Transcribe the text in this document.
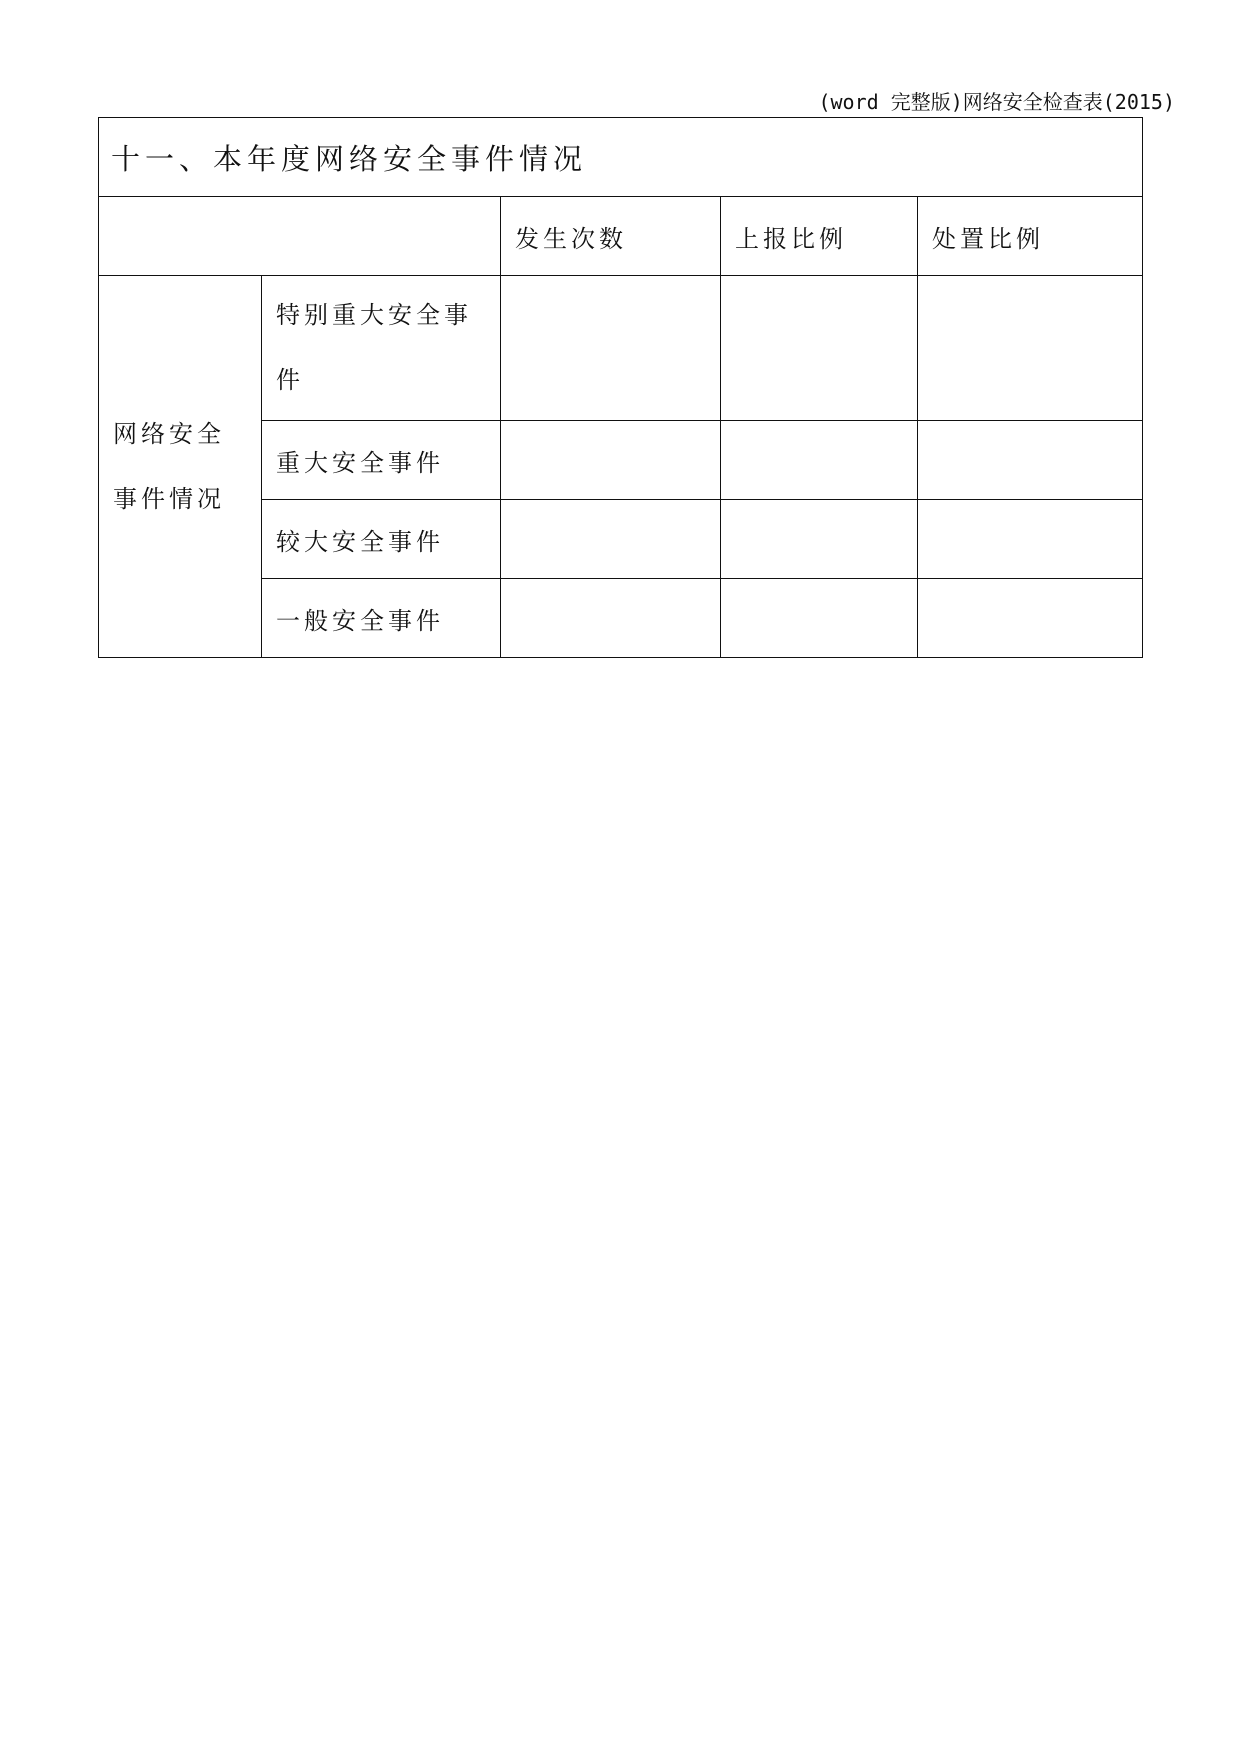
(word 完整版)网络安全检查表(2015)
十一、本年度网络安全事件情况				
		发生次数	上报比例	处置比例
网络安全事件情况	特别重大安全事件			
	重大安全事件			
	较大安全事件			
	一般安全事件			
